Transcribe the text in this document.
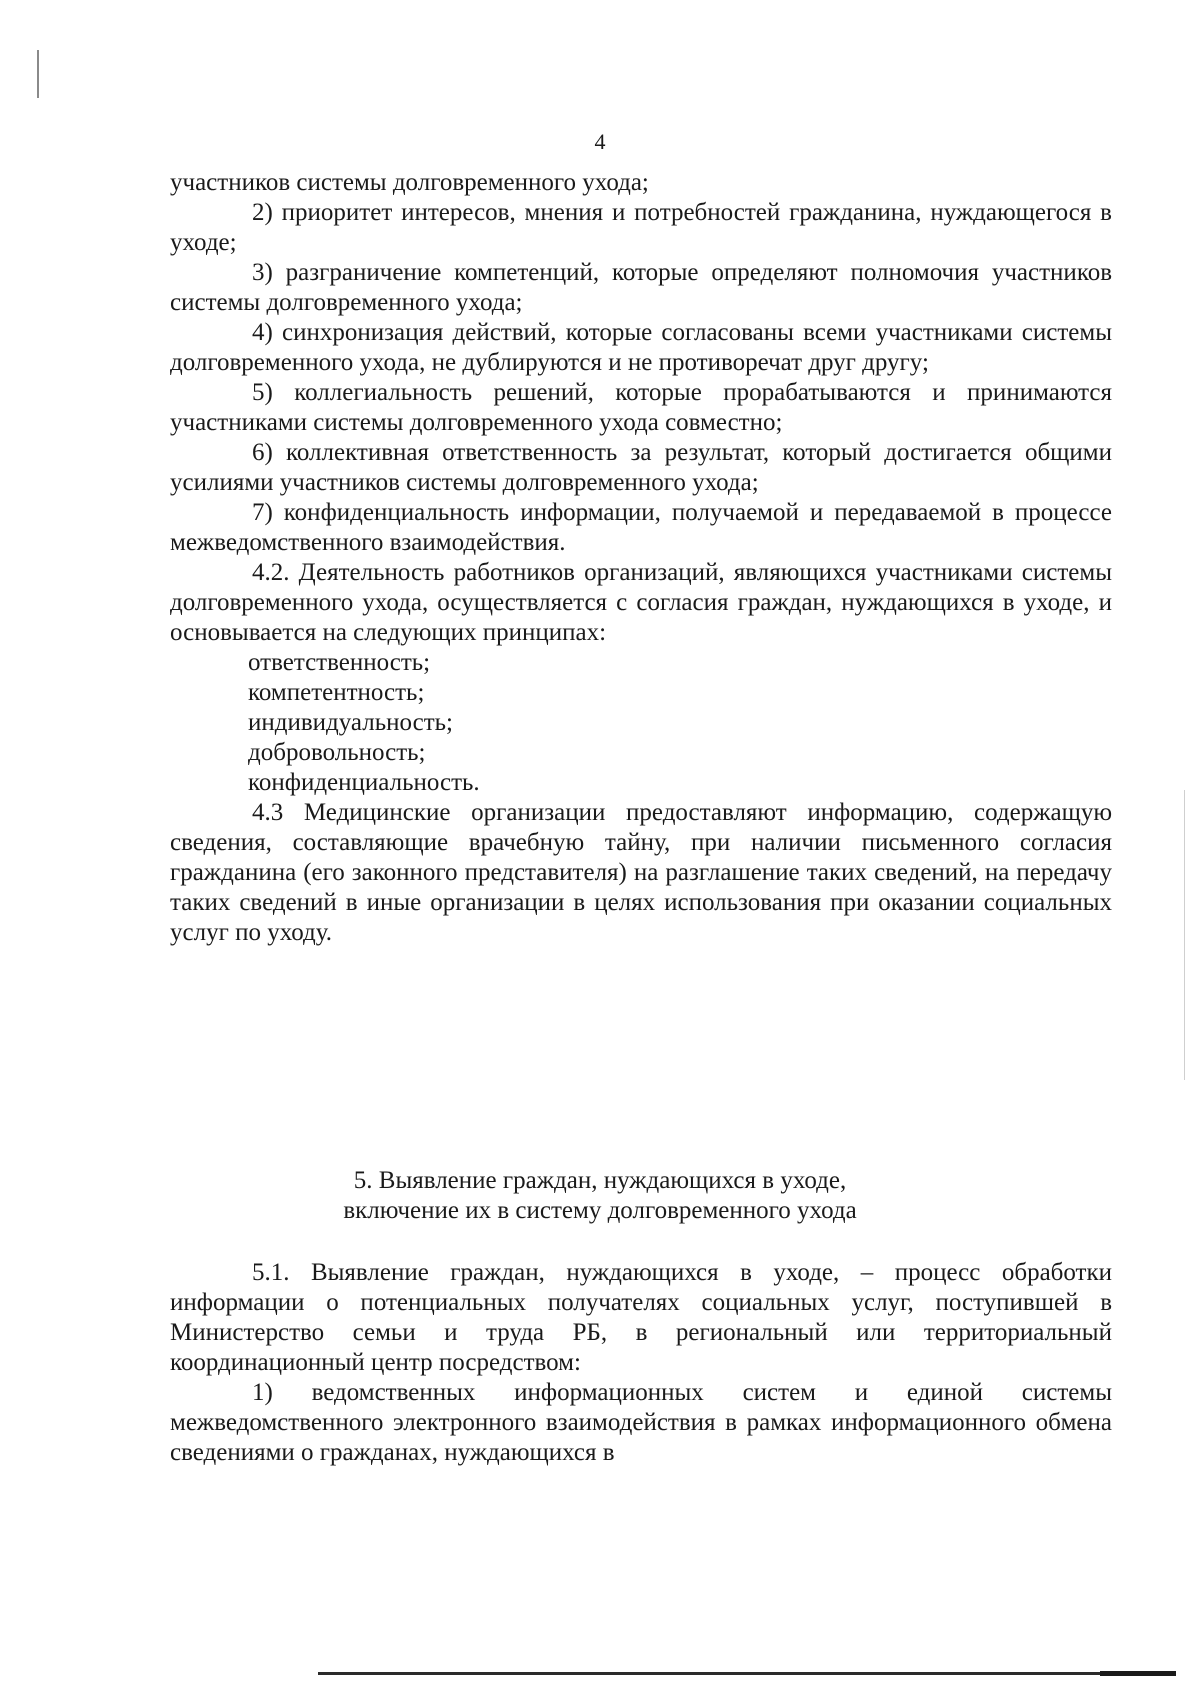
4

участников системы долговременного ухода;

2) приоритет интересов, мнения и потребностей гражданина, нуждающегося в уходе;

3) разграничение компетенций, которые определяют полномочия участников системы долговременного ухода;

4) синхронизация действий, которые согласованы всеми участниками системы долговременного ухода, не дублируются и не противоречат друг другу;

5) коллегиальность решений, которые прорабатываются и принимаются участниками системы долговременного ухода совместно;

6) коллективная ответственность за результат, который достигается общими усилиями участников системы долговременного ухода;

7) конфиденциальность информации, получаемой и передаваемой в процессе межведомственного взаимодействия.

4.2. Деятельность работников организаций, являющихся участниками системы долговременного ухода, осуществляется с согласия граждан, нуждающихся в уходе, и основывается на следующих принципах:

ответственность;

компетентность;

индивидуальность;

добровольность;

конфиденциальность.

4.3 Медицинские организации предоставляют информацию, содержащую сведения, составляющие врачебную тайну, при наличии письменного согласия гражданина (его законного представителя) на разглашение таких сведений, на передачу таких сведений в иные организации в целях использования при оказании социальных услуг по уходу.

5. Выявление граждан, нуждающихся в уходе,

включение их в систему долговременного ухода

5.1. Выявление граждан, нуждающихся в уходе, – процесс обработки информации о потенциальных получателях социальных услуг, поступившей в Министерство семьи и труда РБ, в региональный или территориальный координационный центр посредством:

1) ведомственных информационных систем и единой системы межведомственного электронного взаимодействия в рамках информационного обмена сведениями о гражданах, нуждающихся в
